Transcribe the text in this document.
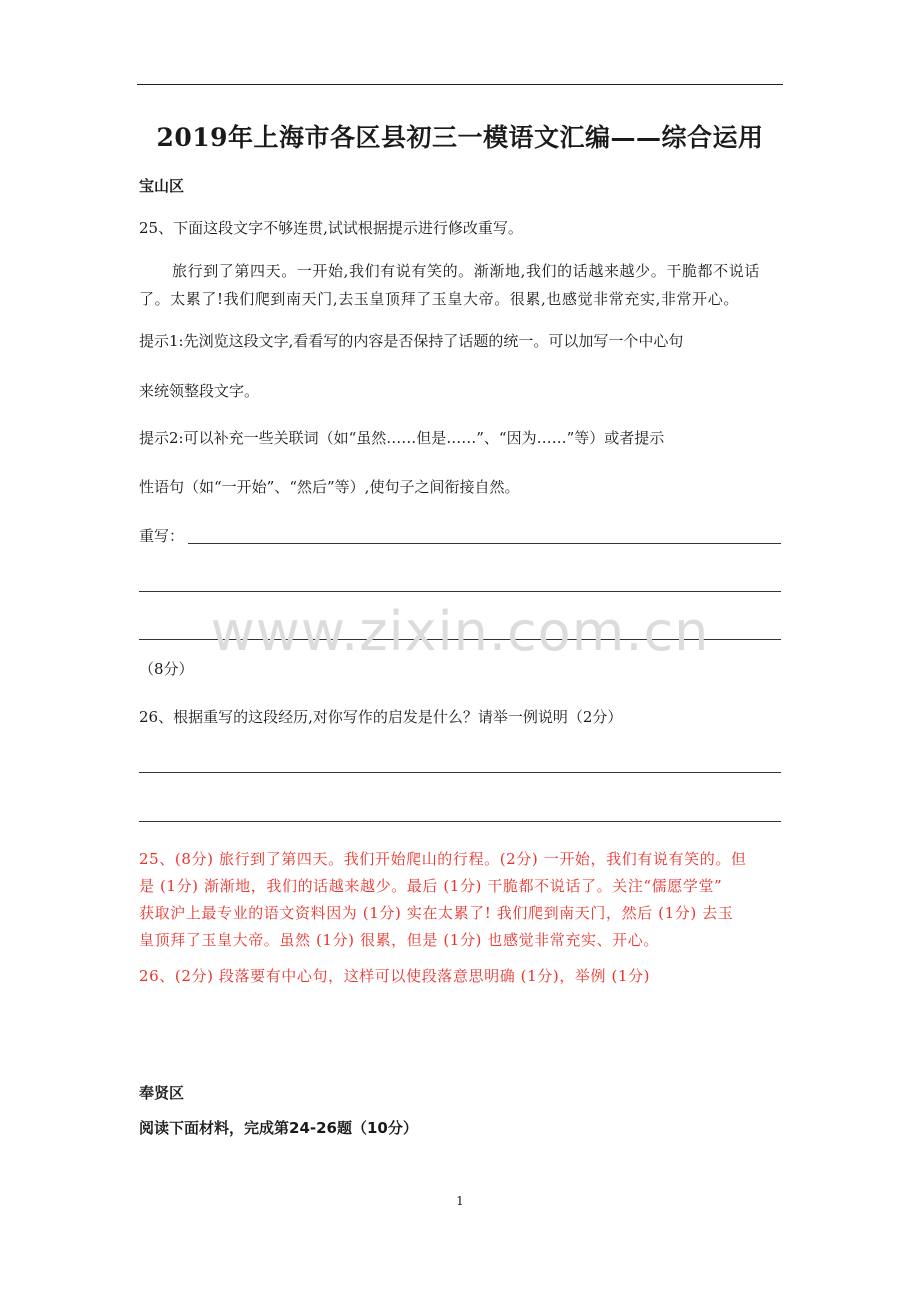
2019年上海市各区县初三一模语文汇编——综合运用
宝山区
25、下面这段文字不够连贯,试试根据提示进行修改重写。
旅行到了第四天。一开始,我们有说有笑的。渐渐地,我们的话越来越少。干脆都不说话
了。太累了!我们爬到南天门,去玉皇顶拜了玉皇大帝。很累,也感觉非常充实,非常开心。
提示1:先浏览这段文字,看看写的内容是否保持了话题的统一。可以加写一个中心句
来统领整段文字。
提示2:可以补充一些关联词（如“虽然……但是……”、“因为……”等）或者提示
性语句（如“一开始”、“然后”等）,使句子之间衔接自然。
重写：
www.zixin.com.cn
（8分）
26、根据重写的这段经历,对你写作的启发是什么？请举一例说明（2分）
25、(8分) 旅行到了第四天。我们开始爬山的行程。(2分) 一开始，我们有说有笑的。但
是 (1分) 渐渐地，我们的话越来越少。最后 (1分) 干脆都不说话了。关注“儒愿学堂”
获取沪上最专业的语文资料因为 (1分) 实在太累了! 我们爬到南天门，然后 (1分) 去玉
皇顶拜了玉皇大帝。虽然 (1分) 很累，但是 (1分) 也感觉非常充实、开心。
26、(2分) 段落要有中心句，这样可以使段落意思明确 (1分)，举例 (1分)
奉贤区
阅读下面材料，完成第24-26题（10分）
1
